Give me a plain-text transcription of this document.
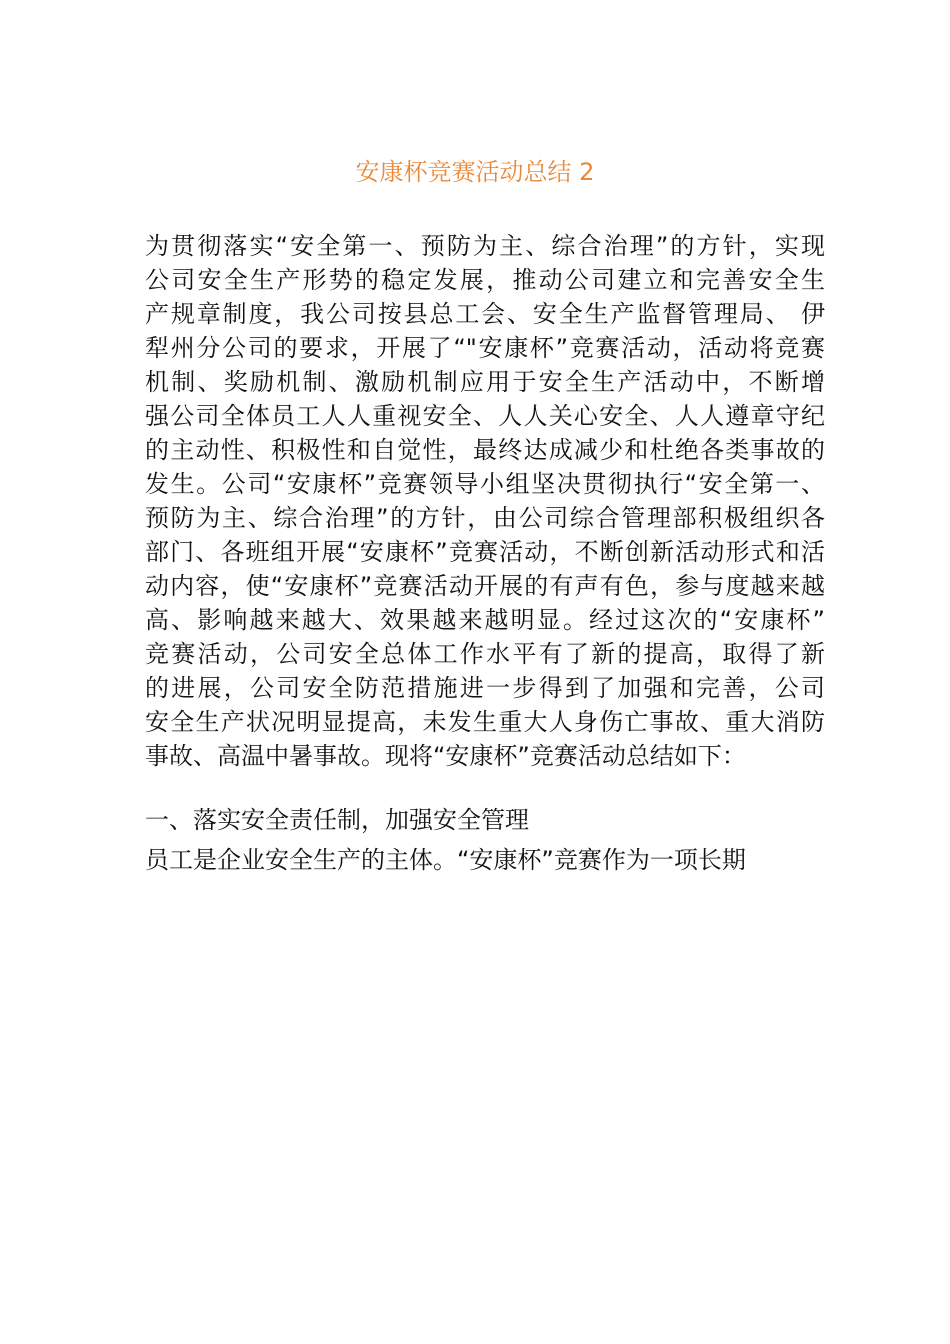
安康杯竞赛活动总结 2
为贯彻落实“安全第一、预防为主、综合治理”的方针，实现
公司安全生产形势的稳定发展，推动公司建立和完善安全生
产规章制度，我公司按县总工会、安全生产监督管理局、 伊
犁州分公司的要求，开展了“"安康杯”竞赛活动，活动将竞赛
机制、奖励机制、激励机制应用于安全生产活动中，不断增
强公司全体员工人人重视安全、人人关心安全、人人遵章守纪
的主动性、积极性和自觉性，最终达成减少和杜绝各类事故的
发生。公司“安康杯”竞赛领导小组坚决贯彻执行“安全第一、
预防为主、综合治理”的方针，由公司综合管理部积极组织各
部门、各班组开展“安康杯”竞赛活动，不断创新活动形式和活
动内容，使“安康杯”竞赛活动开展的有声有色，参与度越来越
高、影响越来越大、效果越来越明显。经过这次的“安康杯”
竞赛活动，公司安全总体工作水平有了新的提高，取得了新
的进展，公司安全防范措施进一步得到了加强和完善，公司
安全生产状况明显提高，未发生重大人身伤亡事故、重大消防
事故、高温中暑事故。现将“安康杯”竞赛活动总结如下：
一、落实安全责任制，加强安全管理

员工是企业安全生产的主体。“安康杯”竞赛作为一项长期
